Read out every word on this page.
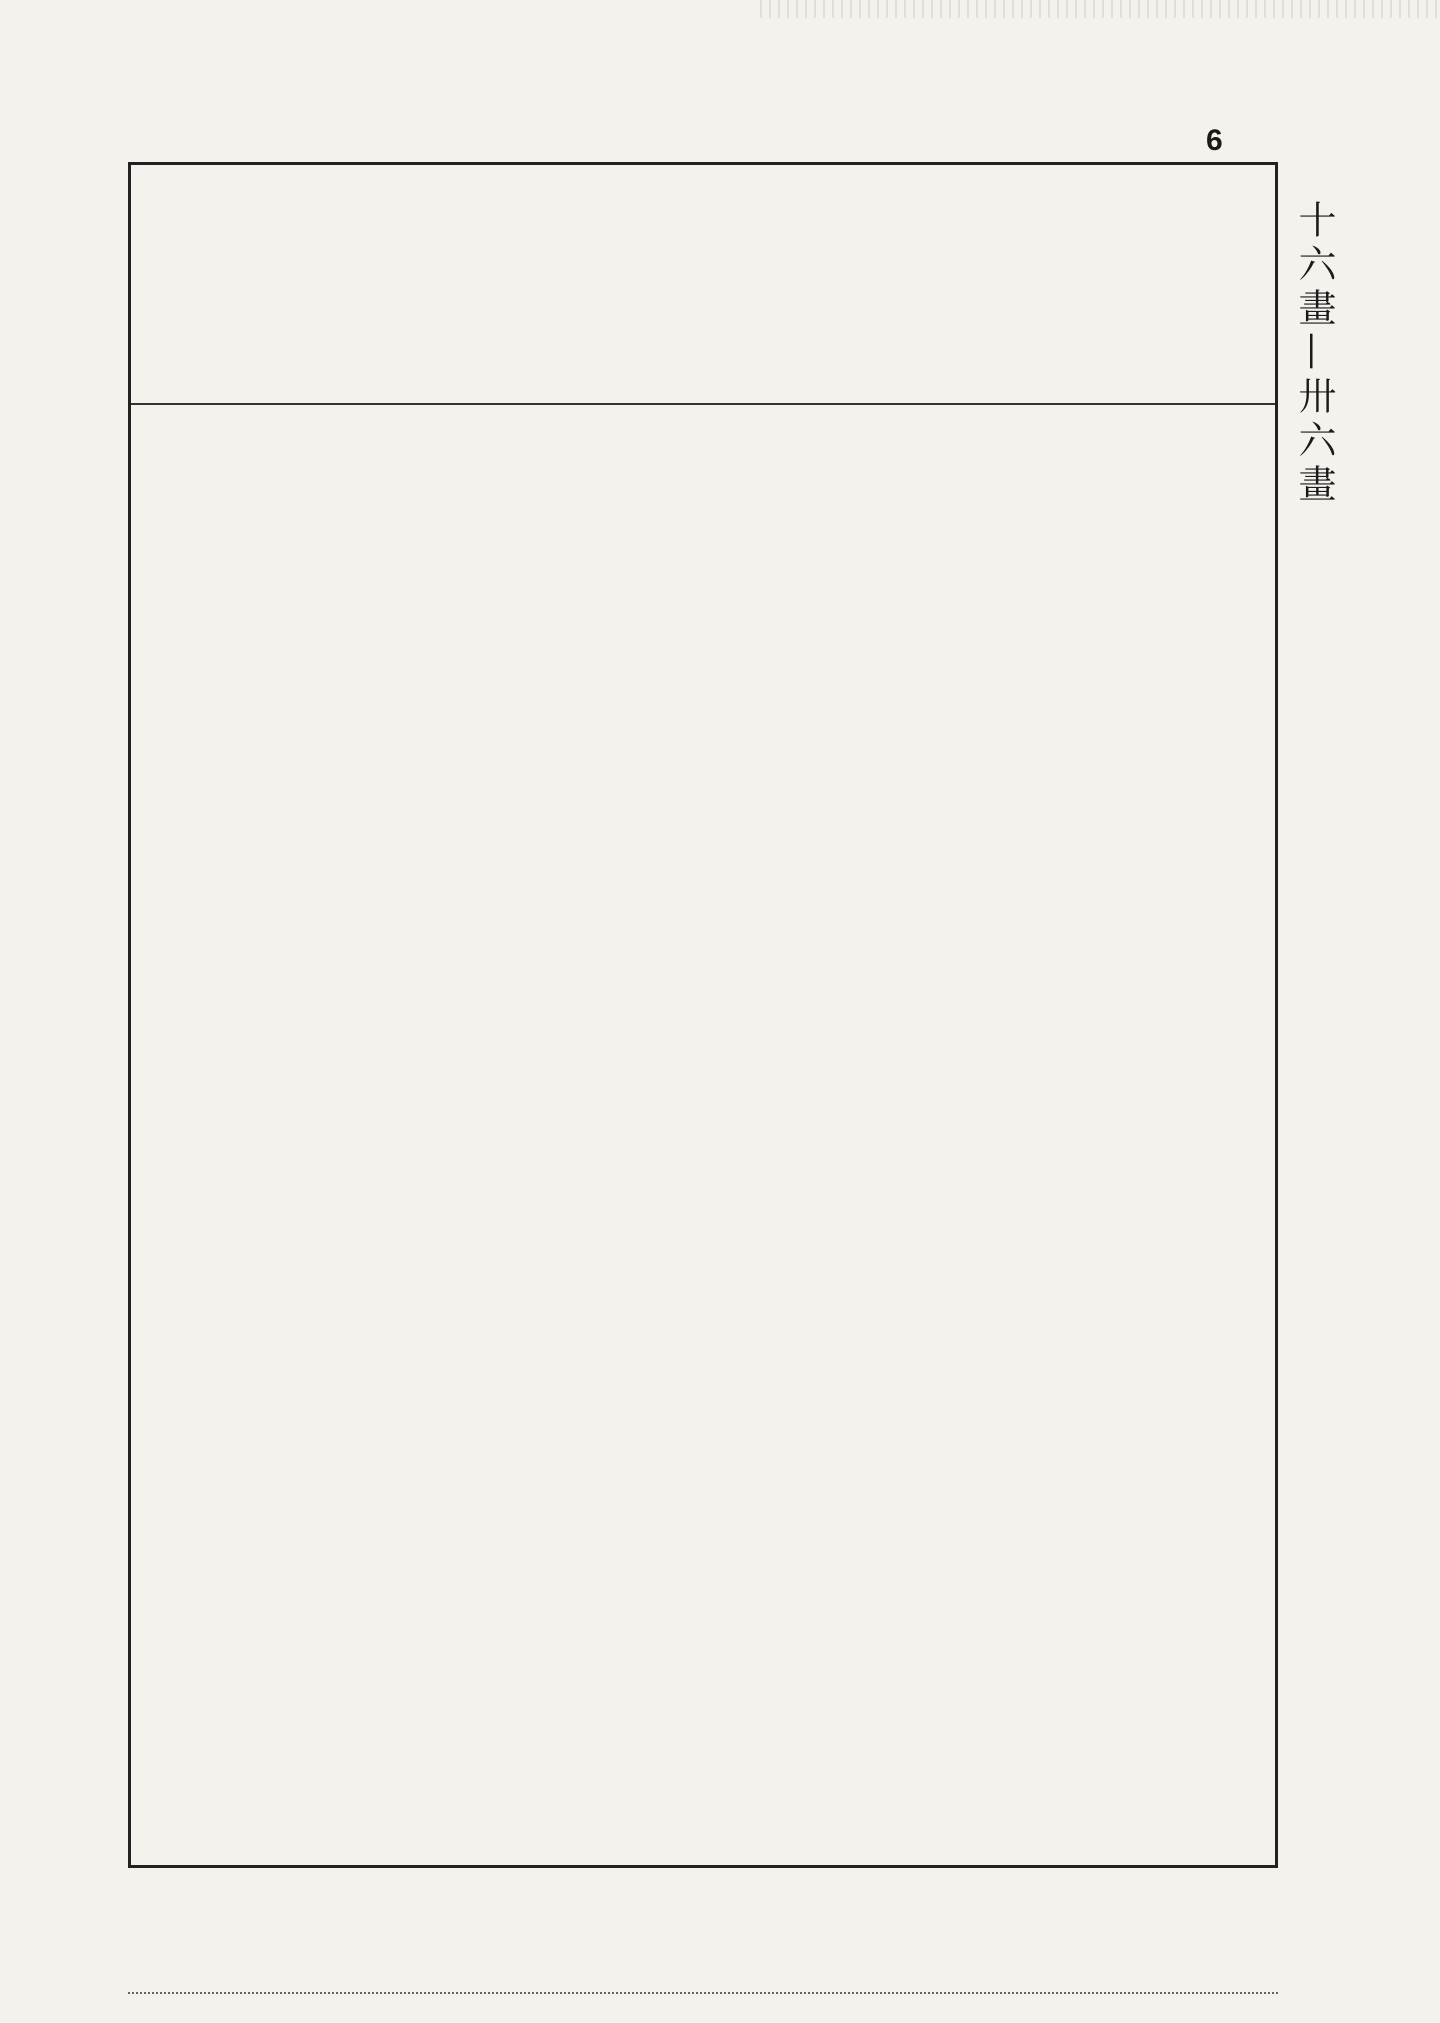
6
十六畫—卅六畫
